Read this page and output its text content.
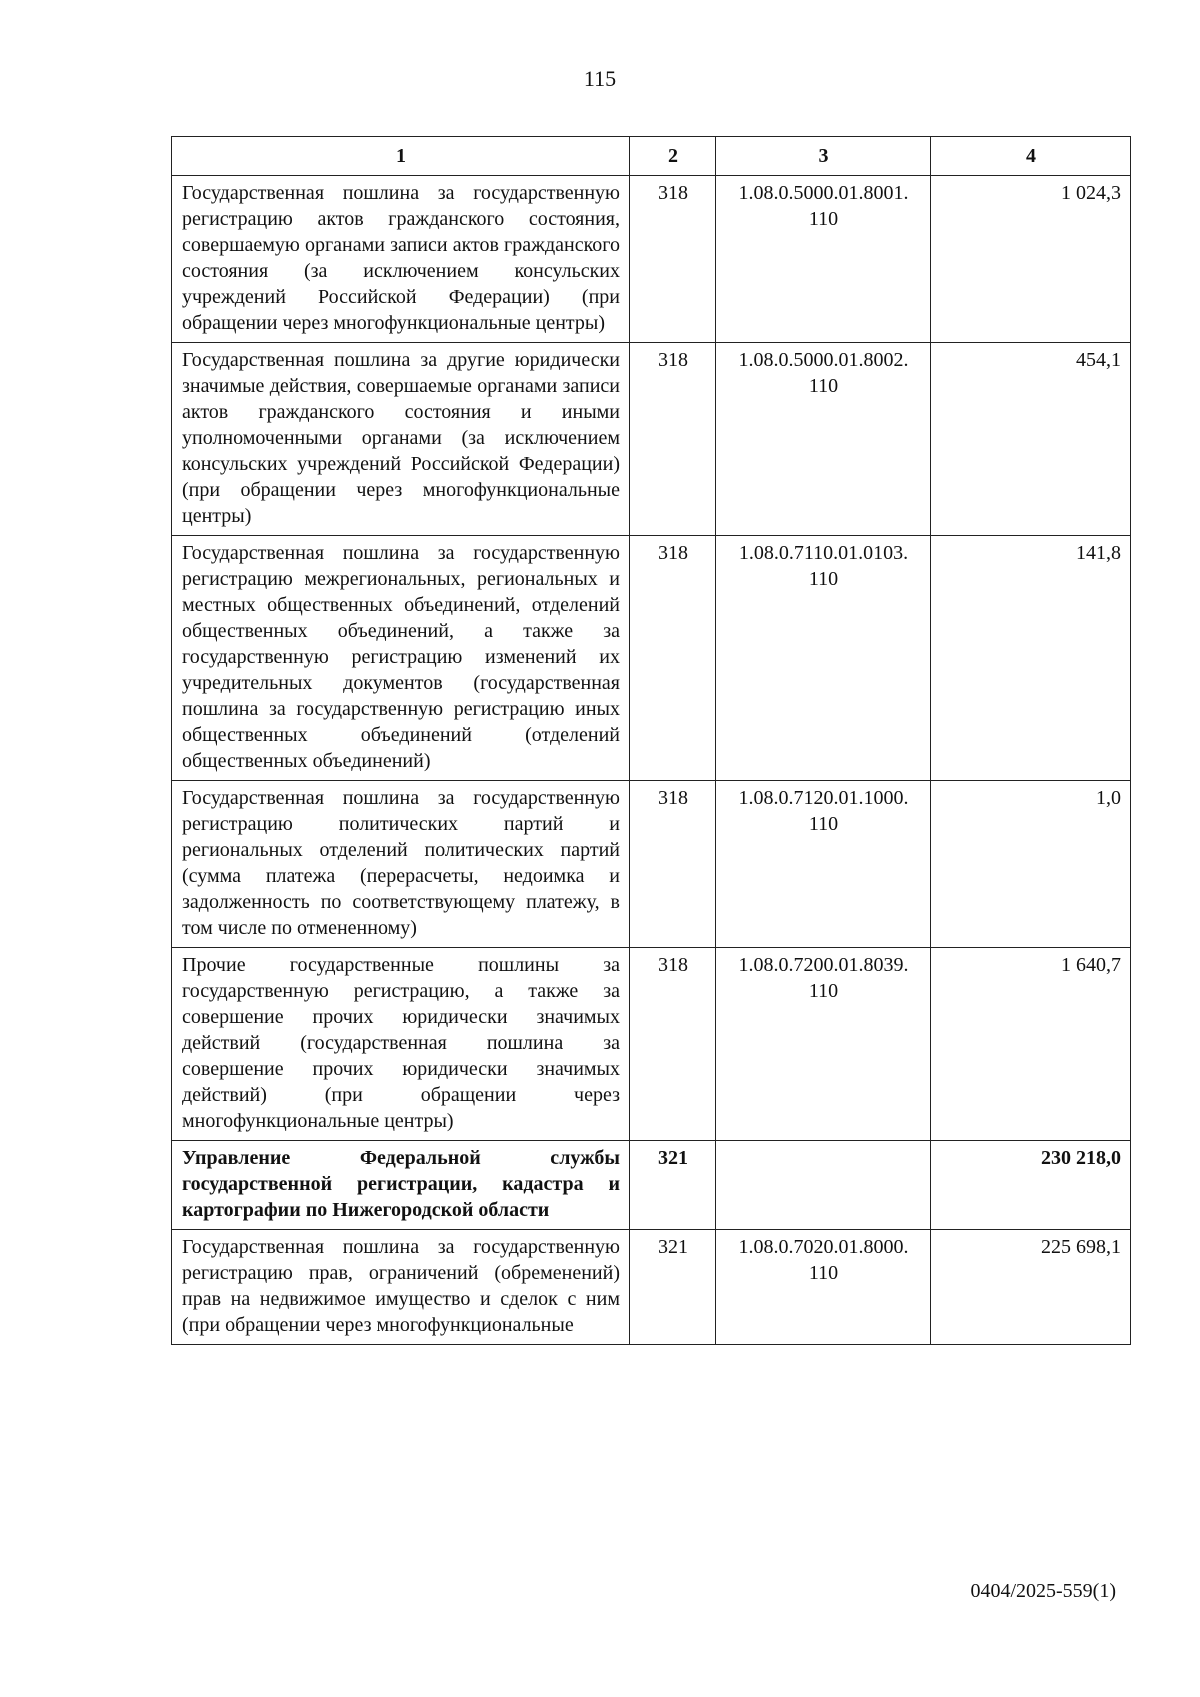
115
1	2	3	4
Государственная пошлина за государственную регистрацию актов гражданского состояния, совершаемую органами записи актов гражданского состояния (за исключением консульских учреждений Российской Федерации) (при обращении через многофункциональные центры)	318	1.08.0.5000.01.8001. 110	1 024,3
Государственная пошлина за другие юридически значимые действия, совершаемые органами записи актов гражданского состояния и иными уполномоченными органами (за исключением консульских учреждений Российской Федерации) (при обращении через многофункциональные центры)	318	1.08.0.5000.01.8002. 110	454,1
Государственная пошлина за государственную регистрацию межрегиональных, региональных и местных общественных объединений, отделений общественных объединений, а также за государственную регистрацию изменений их учредительных документов (государственная пошлина за государственную регистрацию иных общественных объединений (отделений общественных объединений)	318	1.08.0.7110.01.0103. 110	141,8
Государственная пошлина за государственную регистрацию политических партий и региональных отделений политических партий (сумма платежа (перерасчеты, недоимка и задолженность по соответствующему платежу, в том числе по отмененному)	318	1.08.0.7120.01.1000. 110	1,0
Прочие государственные пошлины за государственную регистрацию, а также за совершение прочих юридически значимых действий (государственная пошлина за совершение прочих юридически значимых действий) (при обращении через многофункциональные центры)	318	1.08.0.7200.01.8039. 110	1 640,7
Управление Федеральной службы государственной регистрации, кадастра и картографии по Нижегородской области	321		230 218,0
Государственная пошлина за государственную регистрацию прав, ограничений (обременений) прав на недвижимое имущество и сделок с ним (при обращении через многофункциональные	321	1.08.0.7020.01.8000. 110	225 698,1
0404/2025-559(1)
